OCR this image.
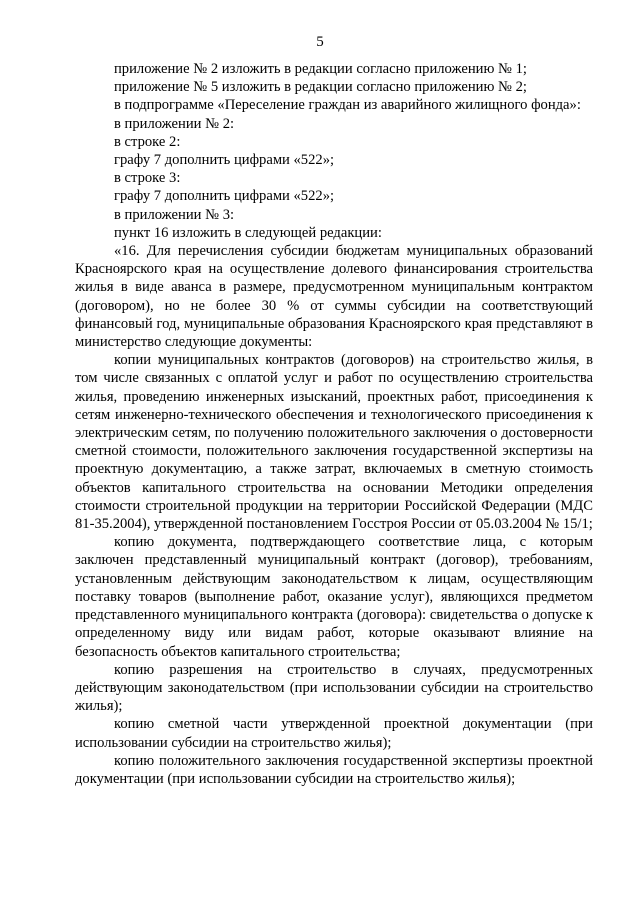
5

приложение № 2 изложить в редакции согласно приложению № 1;

приложение № 5 изложить в редакции согласно приложению № 2;

в подпрограмме «Переселение граждан из аварийного жилищного фонда»:

в приложении № 2:

в строке 2:

графу 7 дополнить цифрами «522»;

в строке 3:

графу 7 дополнить цифрами «522»;

в приложении № 3:

пункт 16 изложить в следующей редакции:

«16. Для перечисления субсидии бюджетам муниципальных образований Красноярского края на осуществление долевого финансирования строительства жилья в виде аванса в размере, предусмотренном муниципальным контрактом (договором), но не более 30 % от суммы субсидии на соответствующий финансовый год, муниципальные образования Красноярского края представляют в министерство следующие документы:

копии муниципальных контрактов (договоров) на строительство жилья, в том числе связанных с оплатой услуг и работ по осуществлению строительства жилья, проведению инженерных изысканий, проектных работ, присоединения к сетям инженерно-технического обеспечения и технологического присоединения к электрическим сетям, по получению положительного заключения о достоверности сметной стоимости, положительного заключения государственной экспертизы на проектную документацию, а также затрат, включаемых в сметную стоимость объектов капитального строительства на основании Методики определения стоимости строительной продукции на территории Российской Федерации (МДС 81-35.2004), утвержденной постановлением Госстроя России от 05.03.2004 № 15/1;

копию документа, подтверждающего соответствие лица, с которым заключен представленный муниципальный контракт (договор), требованиям, установленным действующим законодательством к лицам, осуществляющим поставку товаров (выполнение работ, оказание услуг), являющихся предметом представленного муниципального контракта (договора): свидетельства о допуске к определенному виду или видам работ, которые оказывают влияние на безопасность объектов капитального строительства;

копию разрешения на строительство в случаях, предусмотренных действующим законодательством (при использовании субсидии на строительство жилья);

копию сметной части утвержденной проектной документации (при использовании субсидии на строительство жилья);

копию положительного заключения государственной экспертизы проектной документации (при использовании субсидии на строительство жилья);
